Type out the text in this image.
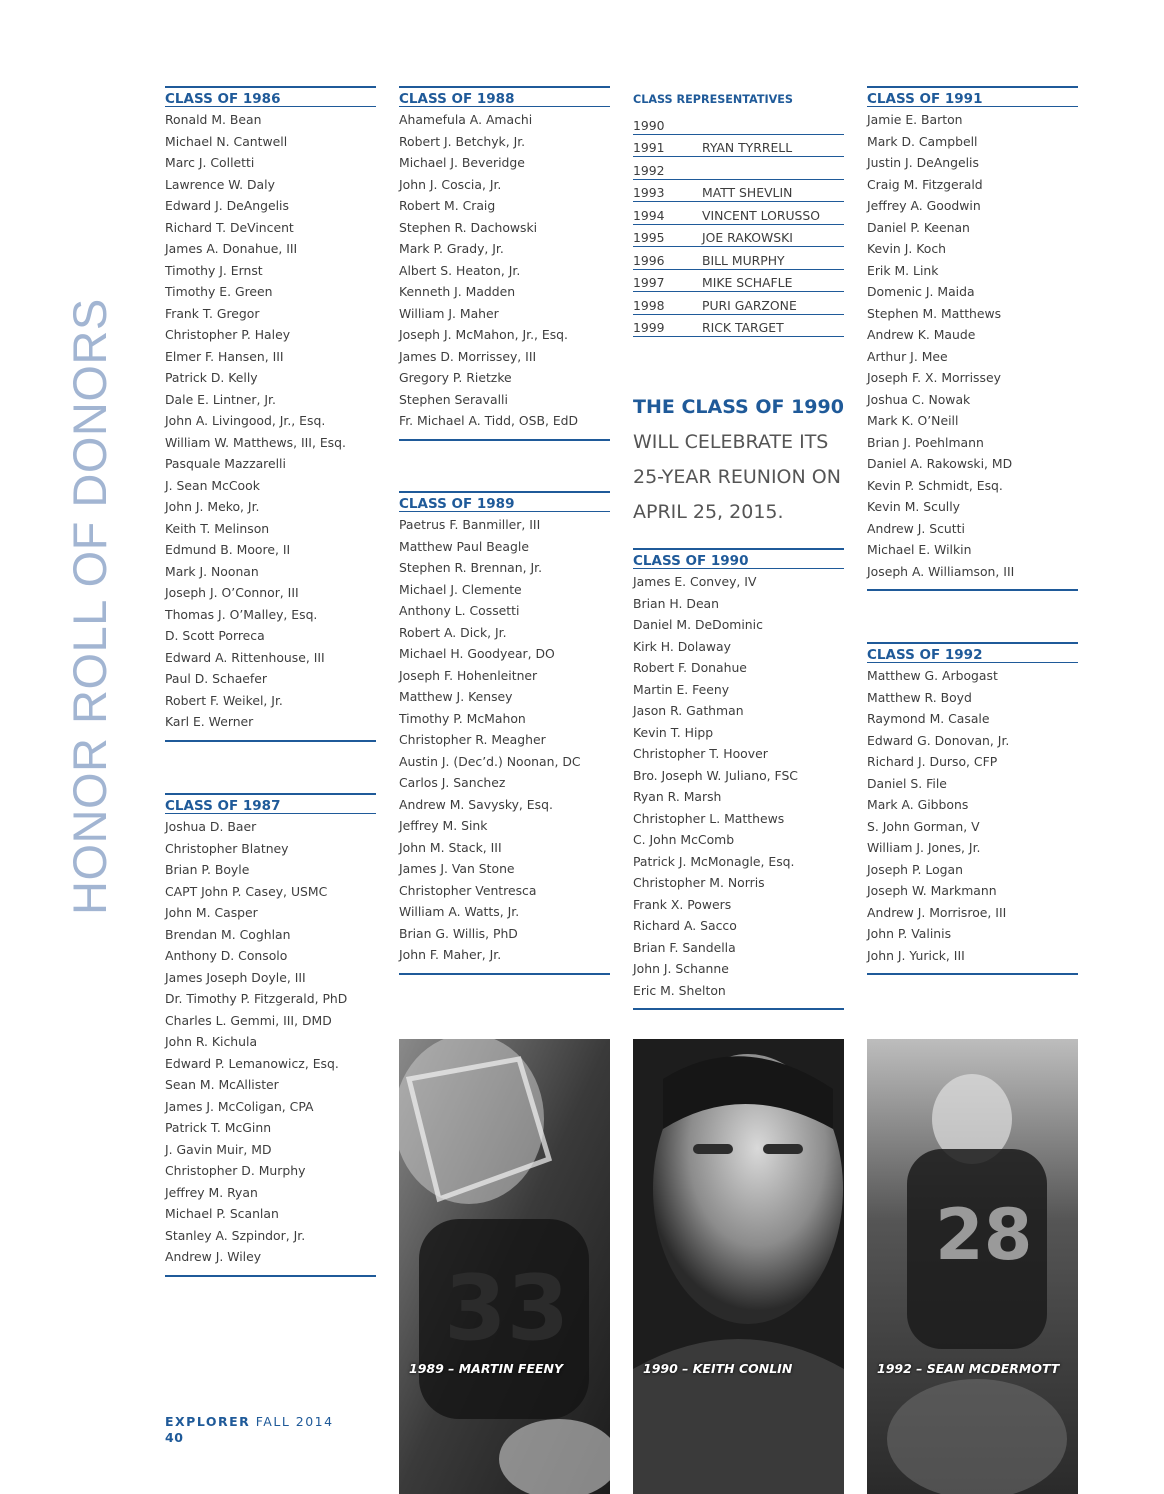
HONOR ROLL OF DONORS
CLASS OF 1986
Ronald M. Bean
Michael N. Cantwell
Marc J. Colletti
Lawrence W. Daly
Edward J. DeAngelis
Richard T. DeVincent
James A. Donahue, III
Timothy J. Ernst
Timothy E. Green
Frank T. Gregor
Christopher P. Haley
Elmer F. Hansen, III
Patrick D. Kelly
Dale E. Lintner, Jr.
John A. Livingood, Jr., Esq.
William W. Matthews, III, Esq.
Pasquale Mazzarelli
J. Sean McCook
John J. Meko, Jr.
Keith T. Melinson
Edmund B. Moore, II
Mark J. Noonan
Joseph J. O’Connor, III
Thomas J. O’Malley, Esq.
D. Scott Porreca
Edward A. Rittenhouse, III
Paul D. Schaefer
Robert F. Weikel, Jr.
Karl E. Werner
CLASS OF 1987
Joshua D. Baer
Christopher Blatney
Brian P. Boyle
CAPT John P. Casey, USMC
John M. Casper
Brendan M. Coghlan
Anthony D. Consolo
James Joseph Doyle, III
Dr. Timothy P. Fitzgerald, PhD
Charles L. Gemmi, III, DMD
John R. Kichula
Edward P. Lemanowicz, Esq.
Sean M. McAllister
James J. McColigan, CPA
Patrick T. McGinn
J. Gavin Muir, MD
Christopher D. Murphy
Jeffrey M. Ryan
Michael P. Scanlan
Stanley A. Szpindor, Jr.
Andrew J. Wiley
CLASS OF 1988
Ahamefula A. Amachi
Robert J. Betchyk, Jr.
Michael J. Beveridge
John J. Coscia, Jr.
Robert M. Craig
Stephen R. Dachowski
Mark P. Grady, Jr.
Albert S. Heaton, Jr.
Kenneth J. Madden
William J. Maher
Joseph J. McMahon, Jr., Esq.
James D. Morrissey, III
Gregory P. Rietzke
Stephen Seravalli
Fr. Michael A. Tidd, OSB, EdD
CLASS OF 1989
Paetrus F. Banmiller, III
Matthew Paul Beagle
Stephen R. Brennan, Jr.
Michael J. Clemente
Anthony L. Cossetti
Robert A. Dick, Jr.
Michael H. Goodyear, DO
Joseph F. Hohenleitner
Matthew J. Kensey
Timothy P. McMahon
Christopher R. Meagher
Austin J. (Dec’d.) Noonan, DC
Carlos J. Sanchez
Andrew M. Savysky, Esq.
Jeffrey M. Sink
John M. Stack, III
James J. Van Stone
Christopher Ventresca
William A. Watts, Jr.
Brian G. Willis, PhD
John F. Maher, Jr.
CLASS REPRESENTATIVES
1990	
1991	RYAN TYRRELL
1992	
1993	MATT SHEVLIN
1994	VINCENT LORUSSO
1995	JOE RAKOWSKI
1996	BILL MURPHY
1997	MIKE SCHAFLE
1998	PURI GARZONE
1999	RICK TARGET
THE CLASS OF 1990
WILL CELEBRATE ITS
25-YEAR REUNION ON
APRIL 25, 2015.
CLASS OF 1990
James E. Convey, IV
Brian H. Dean
Daniel M. DeDominic
Kirk H. Dolaway
Robert F. Donahue
Martin E. Feeny
Jason R. Gathman
Kevin T. Hipp
Christopher T. Hoover
Bro. Joseph W. Juliano, FSC
Ryan R. Marsh
Christopher L. Matthews
C. John McComb
Patrick J. McMonagle, Esq.
Christopher M. Norris
Frank X. Powers
Richard A. Sacco
Brian F. Sandella
John J. Schanne
Eric M. Shelton
CLASS OF 1991
Jamie E. Barton
Mark D. Campbell
Justin J. DeAngelis
Craig M. Fitzgerald
Jeffrey A. Goodwin
Daniel P. Keenan
Kevin J. Koch
Erik M. Link
Domenic J. Maida
Stephen M. Matthews
Andrew K. Maude
Arthur J. Mee
Joseph F. X. Morrissey
Joshua C. Nowak
Mark K. O’Neill
Brian J. Poehlmann
Daniel A. Rakowski, MD
Kevin P. Schmidt, Esq.
Kevin M. Scully
Andrew J. Scutti
Michael E. Wilkin
Joseph A. Williamson, III
CLASS OF 1992
Matthew G. Arbogast
Matthew R. Boyd
Raymond M. Casale
Edward G. Donovan, Jr.
Richard J. Durso, CFP
Daniel S. File
Mark A. Gibbons
S. John Gorman, V
William J. Jones, Jr.
Joseph P. Logan
Joseph W. Markmann
Andrew J. Morrisroe, III
John P. Valinis
John J. Yurick, III
33
1989 – MARTIN FEENY	1990 – KEITH CONLIN
28
1992 – SEAN MCDERMOTT
EXPLORER FALL 2014
40
